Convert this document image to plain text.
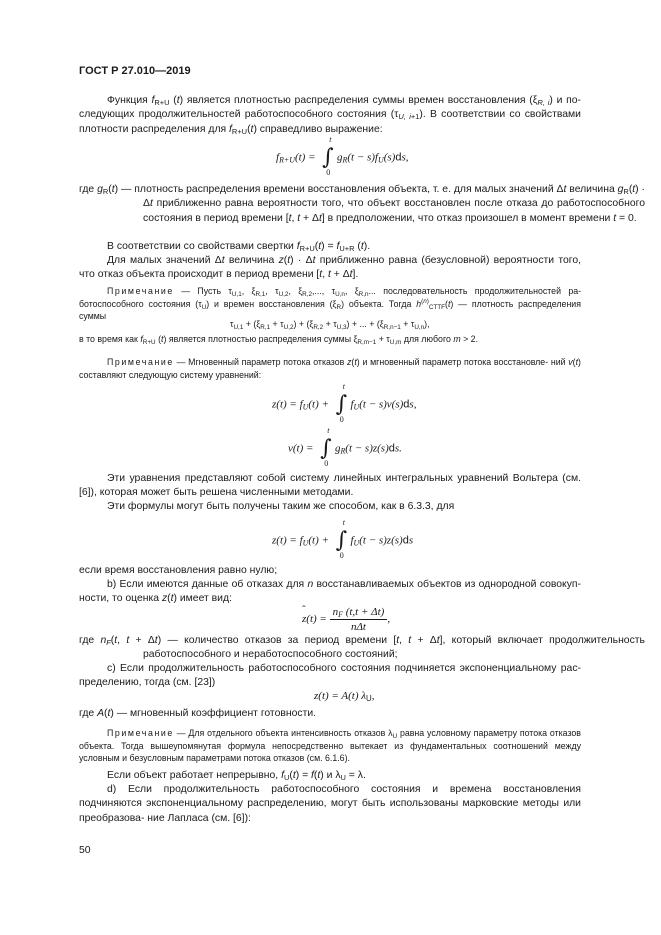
ГОСТ Р 27.010—2019
Функция $f_{R+U}$ (t) является плотностью распределения суммы времен восстановления $(\xi_{R, i})$ и по- следующих продолжительностей работоспособного состояния $(\tau_{U, i+1})$. В соответствии со свойствами плотности распределения для $f_{R+U}(t)$ справедливо выражение:
$f_{R+U}(t)$ =
t
∫
0
$g_R(t - s)f_U(s)ds$,
где $g_R(t)$ — плотность распределения времени восстановления объекта, т. е. для малых значений Δt величина $g_R(t) \cdot \Delta t$ приближенно равна вероятности того, что объект восстановлен после отказа до работоспособного состояния в период времени [t, t + Δt] в предположении, что отказ произошел в момент времени t = 0.
В соответствии со свойствами свертки $f_{R+U}(t) = f_{U+R}$ (t).
Для малых значений Δt величина z(t) · Δt приближенно равна (безусловной) вероятности того, что отказ объекта происходит в период времени [t, t + Δt].
Примечание — Пусть $\tau_{U,1}$, $\xi_{R,1}$, $\tau_{U,2}$, $\xi_{R,2}$,..., $\tau_{U,n}$, $\xi_{R,n}$... последовательность продолжительностей ра- ботоспособного состояния $(\tau_U)$ и времен восстановления $(\xi_R)$ объекта. Тогда $h^{(n)}_{CTTF}(t)$ — плотность распределения суммы
$\tau_{U,1} + (\xi_{R,1} + \tau_{U,2}) + (\xi_{R,2} + \tau_{U,3})$ + ... + $(\xi_{R,n-1} + \tau_{U,n})$,
в то время как $f_{R+U}$ (t) является плотностью распределения суммы $\xi_{R,m-1} + \tau_{U,m}$ для любого m > 2.
Примечание — Мгновенный параметр потока отказов z(t) и мгновенный параметр потока восстановле- ний v(t) составляют следующую систему уравнений:
$z(t) = f_U(t)$ +
t
∫
0
$f_U(t - s)v(s)ds$,
v(t) =
t
∫
0
$g_R(t - s)z(s)ds$.
Эти уравнения представляют собой систему линейных интегральных уравнений Вольтера (см. [6]), которая может быть решена численными методами.
Эти формулы могут быть получены таким же способом, как в 6.3.3, для
$z(t) = f_U(t)$ +
t
∫
0
$f_U(t - s)z(s)ds$
если время восстановления равно нулю;
b) Если имеются данные об отказах для n восстанавливаемых объектов из однородной совокуп- ности, то оценка z(t) имеет вид:
z
ˆ
$(t) = \frac{n_F (t,t + \Delta t)}{\text{nΔt}}$ ,
где $n_F(t$, t + Δt) — количество отказов за период времени [t, t + Δt], который включает продолжительность работоспособного и неработоспособного состояний;
c) Если продолжительность работоспособного состояния подчиняется экспоненциальному рас- пределению, тогда (см. [23])
z(t) = A(t) $\lambda_U$,
где A(t) — мгновенный коэффициент готовности.
Примечание — Для отдельного объекта интенсивность отказов $\lambda_U$ равна условному параметру потока отказов объекта. Тогда вышеупомянутая формула непосредственно вытекает из фундаментальных соотношений между условным и безусловным параметрами потока отказов (см. 6.1.6).
Если объект работает непрерывно, $f_U(t) = f(t)$ и $\lambda_U = \lambda$.
d) Если продолжительность работоспособного состояния и времена восстановления подчиняются экспоненциальному распределению, могут быть использованы марковские методы или преобразова- ние Лапласа (см. [6]):
50
